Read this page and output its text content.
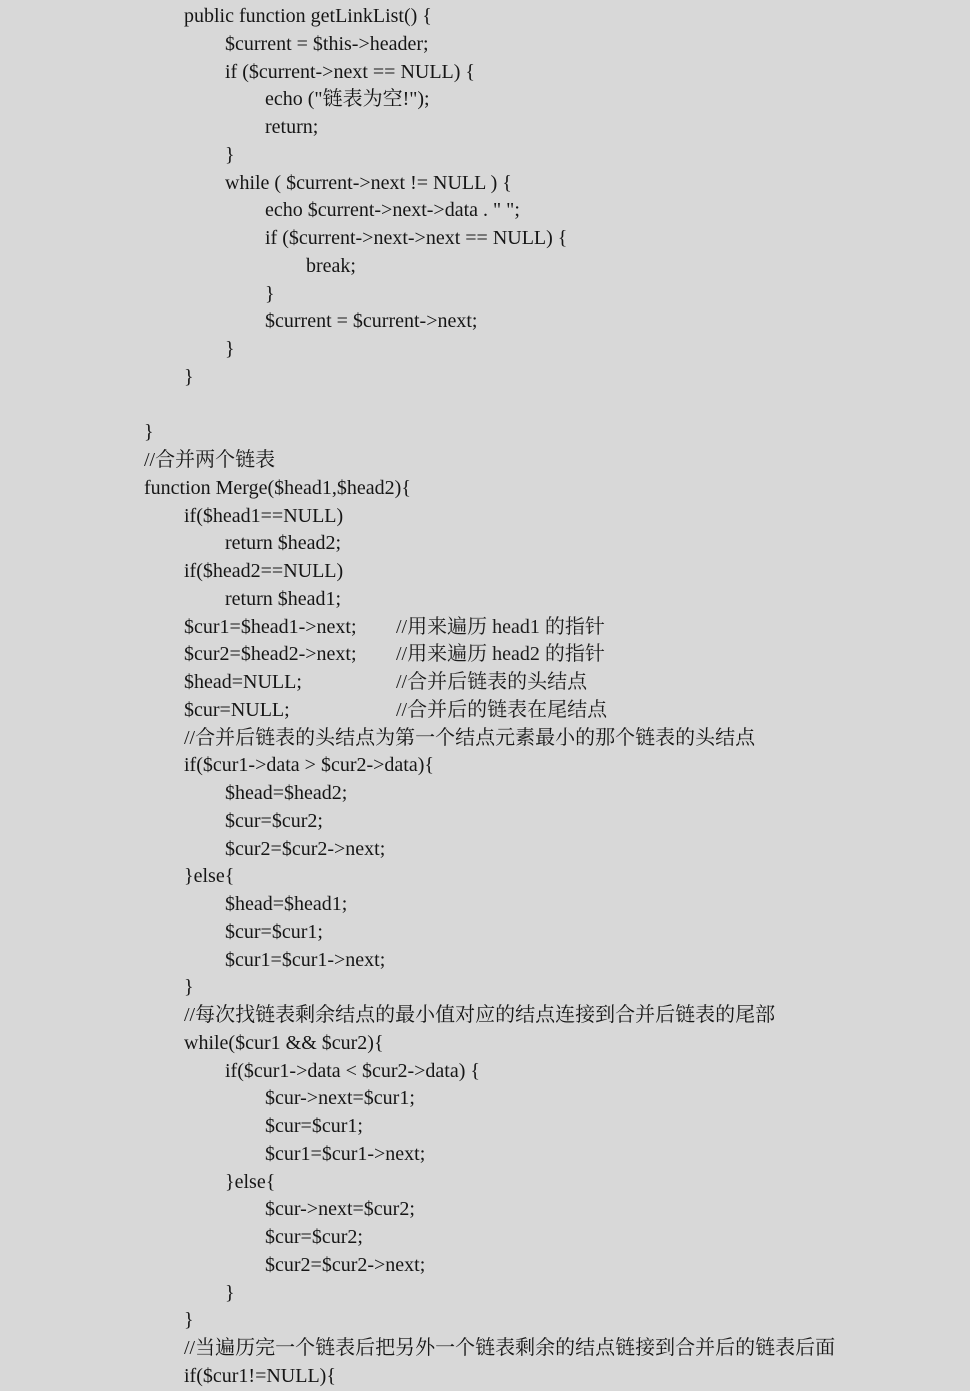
public function getLinkList() {
$current = $this->header;
if ($current->next == NULL) {
echo ("链表为空!");
return;
}
while ( $current->next != NULL ) {
echo $current->next->data . " ";
if ($current->next->next == NULL) {
break;
}
$current = $current->next;
}
}
}
//合并两个链表
function Merge($head1,$head2){
if($head1==NULL)
return $head2;
if($head2==NULL)
return $head1;
$cur1=$head1->next; //用来遍历 head1 的指针
$cur2=$head2->next; //用来遍历 head2 的指针
$head=NULL;	//合并后链表的头结点
$cur=NULL;	//合并后的链表在尾结点
//合并后链表的头结点为第一个结点元素最小的那个链表的头结点
if($cur1->data > $cur2->data){
$head=$head2;
$cur=$cur2;
$cur2=$cur2->next;
}else{
$head=$head1;
$cur=$cur1;
$cur1=$cur1->next;
}
//每次找链表剩余结点的最小值对应的结点连接到合并后链表的尾部
while($cur1 && $cur2){
if($cur1->data < $cur2->data) {
$cur->next=$cur1;
$cur=$cur1;
$cur1=$cur1->next;
}else{
$cur->next=$cur2;
$cur=$cur2;
$cur2=$cur2->next;
}
}
//当遍历完一个链表后把另外一个链表剩余的结点链接到合并后的链表后面
if($cur1!=NULL){
